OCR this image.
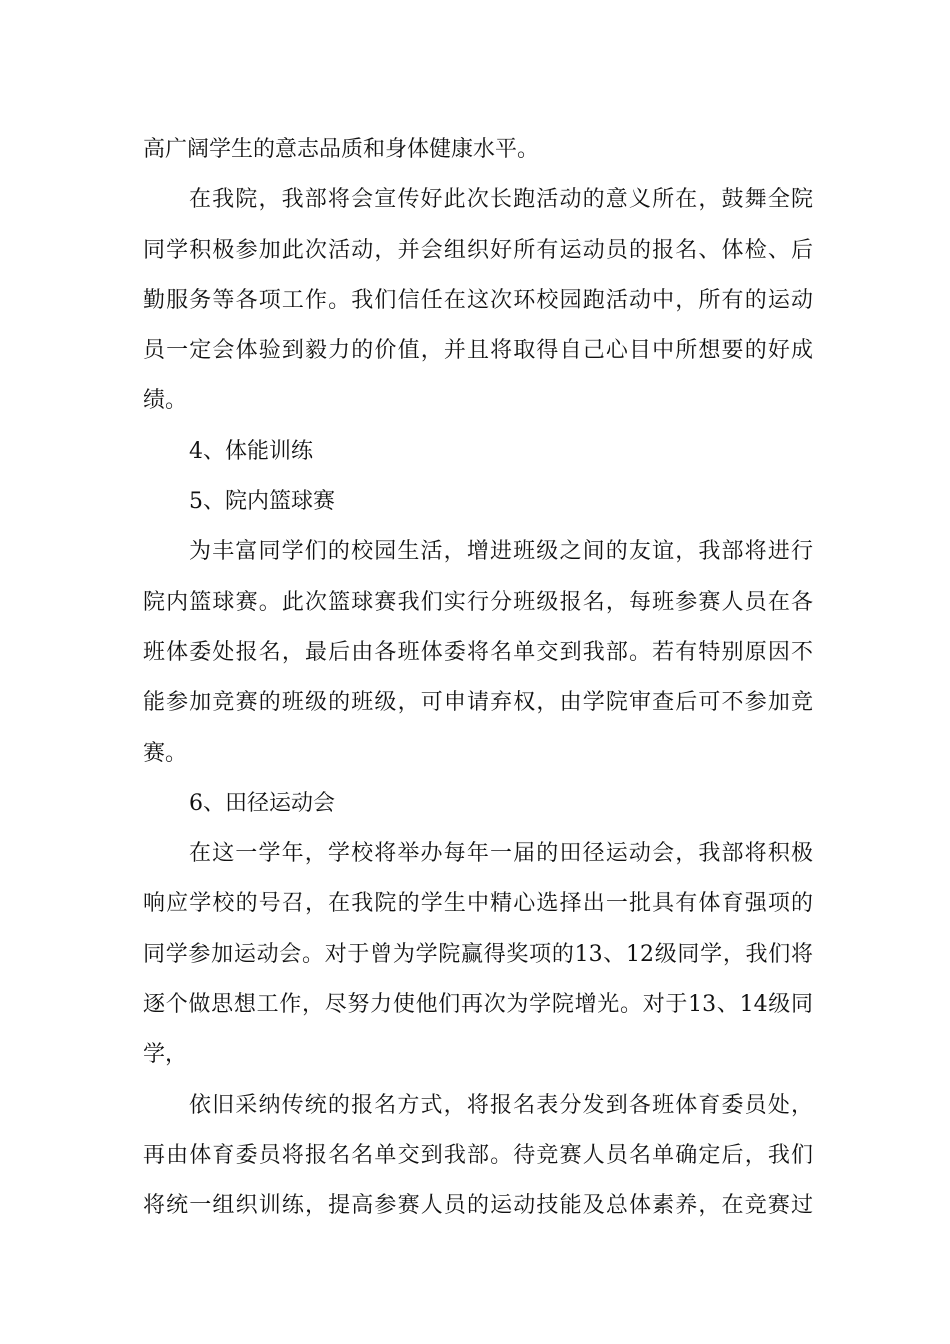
高广阔学生的意志品质和身体健康水平。
在我院，我部将会宣传好此次长跑活动的意义所在，鼓舞全院
同学积极参加此次活动，并会组织好所有运动员的报名、体检、后
勤服务等各项工作。我们信任在这次环校园跑活动中，所有的运动
员一定会体验到毅力的价值，并且将取得自己心目中所想要的好成
绩。
4、体能训练
5、院内篮球赛
为丰富同学们的校园生活，增进班级之间的友谊，我部将进行
院内篮球赛。此次篮球赛我们实行分班级报名，每班参赛人员在各
班体委处报名，最后由各班体委将名单交到我部。若有特别原因不
能参加竞赛的班级的班级，可申请弃权，由学院审查后可不参加竞
赛。
6、田径运动会
在这一学年，学校将举办每年一届的田径运动会，我部将积极
响应学校的号召，在我院的学生中精心选择出一批具有体育强项的
同学参加运动会。对于曾为学院赢得奖项的13、12级同学，我们将
逐个做思想工作，尽努力使他们再次为学院增光。对于13、14级同
学，
依旧采纳传统的报名方式，将报名表分发到各班体育委员处，
再由体育委员将报名名单交到我部。待竞赛人员名单确定后，我们
将统一组织训练，提高参赛人员的运动技能及总体素养，在竞赛过
